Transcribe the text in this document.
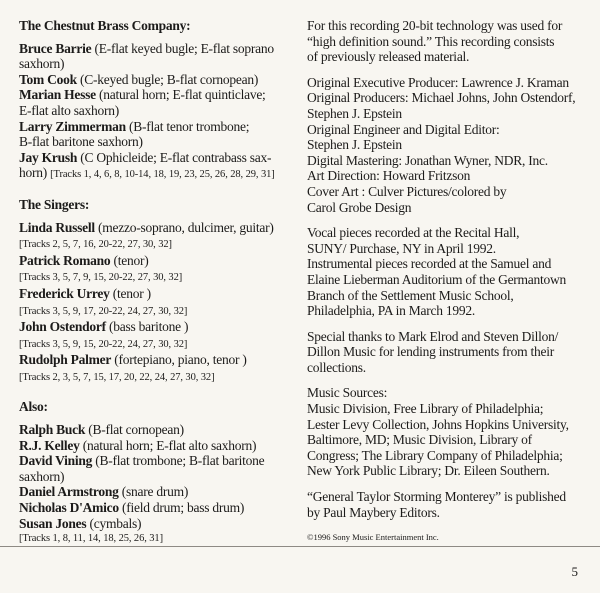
The Chestnut Brass Company:
Bruce Barrie (E-flat keyed bugle; E-flat soprano
saxhorn)
Tom Cook (C-keyed bugle; B-flat cornopean)
Marian Hesse (natural horn; E-flat quinticlave;
E-flat alto saxhorn)
Larry Zimmerman (B-flat tenor trombone;
B-flat baritone saxhorn)
Jay Krush (C Ophicleide; E-flat contrabass sax-
horn) [Tracks 1, 4, 6, 8, 10-14, 18, 19, 23, 25, 26, 28, 29, 31]
The Singers:
Linda Russell (mezzo-soprano, dulcimer, guitar)
[Tracks 2, 5, 7, 16, 20-22, 27, 30, 32]
Patrick Romano (tenor)
[Tracks 3, 5, 7, 9, 15, 20-22, 27, 30, 32]
Frederick Urrey (tenor )
[Tracks 3, 5, 9, 17, 20-22, 24, 27, 30, 32]
John Ostendorf (bass baritone )
[Tracks 3, 5, 9, 15, 20-22, 24, 27, 30, 32]
Rudolph Palmer (fortepiano, piano, tenor )
[Tracks 2, 3, 5, 7, 15, 17, 20, 22, 24, 27, 30, 32]
Also:
Ralph Buck (B-flat cornopean)
R.J. Kelley (natural horn; E-flat alto saxhorn)
David Vining (B-flat trombone; B-flat baritone
saxhorn)
Daniel Armstrong (snare drum)
Nicholas D'Amico (field drum; bass drum)
Susan Jones (cymbals)
[Tracks 1, 8, 11, 14, 18, 25, 26, 31]
For this recording 20-bit technology was used for
“high definition sound.” This recording consists
of previously released material.
Original Executive Producer: Lawrence J. Kraman
Original Producers: Michael Johns, John Ostendorf,
Stephen J. Epstein
Original Engineer and Digital Editor:
Stephen J. Epstein
Digital Mastering: Jonathan Wyner, NDR, Inc.
Art Direction: Howard Fritzson
Cover Art : Culver Pictures/colored by
Carol Grobe Design
Vocal pieces recorded at the Recital Hall,
SUNY/ Purchase, NY in April 1992.
Instrumental pieces recorded at the Samuel and
Elaine Lieberman Auditorium of the Germantown
Branch of the Settlement Music School,
Philadelphia, PA in March 1992.
Special thanks to Mark Elrod and Steven Dillon/
Dillon Music for lending instruments from their
collections.
Music Sources:
Music Division, Free Library of Philadelphia;
Lester Levy Collection, Johns Hopkins University,
Baltimore, MD; Music Division, Library of
Congress; The Library Company of Philadelphia;
New York Public Library; Dr. Eileen Southern.
“General Taylor Storming Monterey” is published
by Paul Maybery Editors.
©1996 Sony Music Entertainment Inc.
5
